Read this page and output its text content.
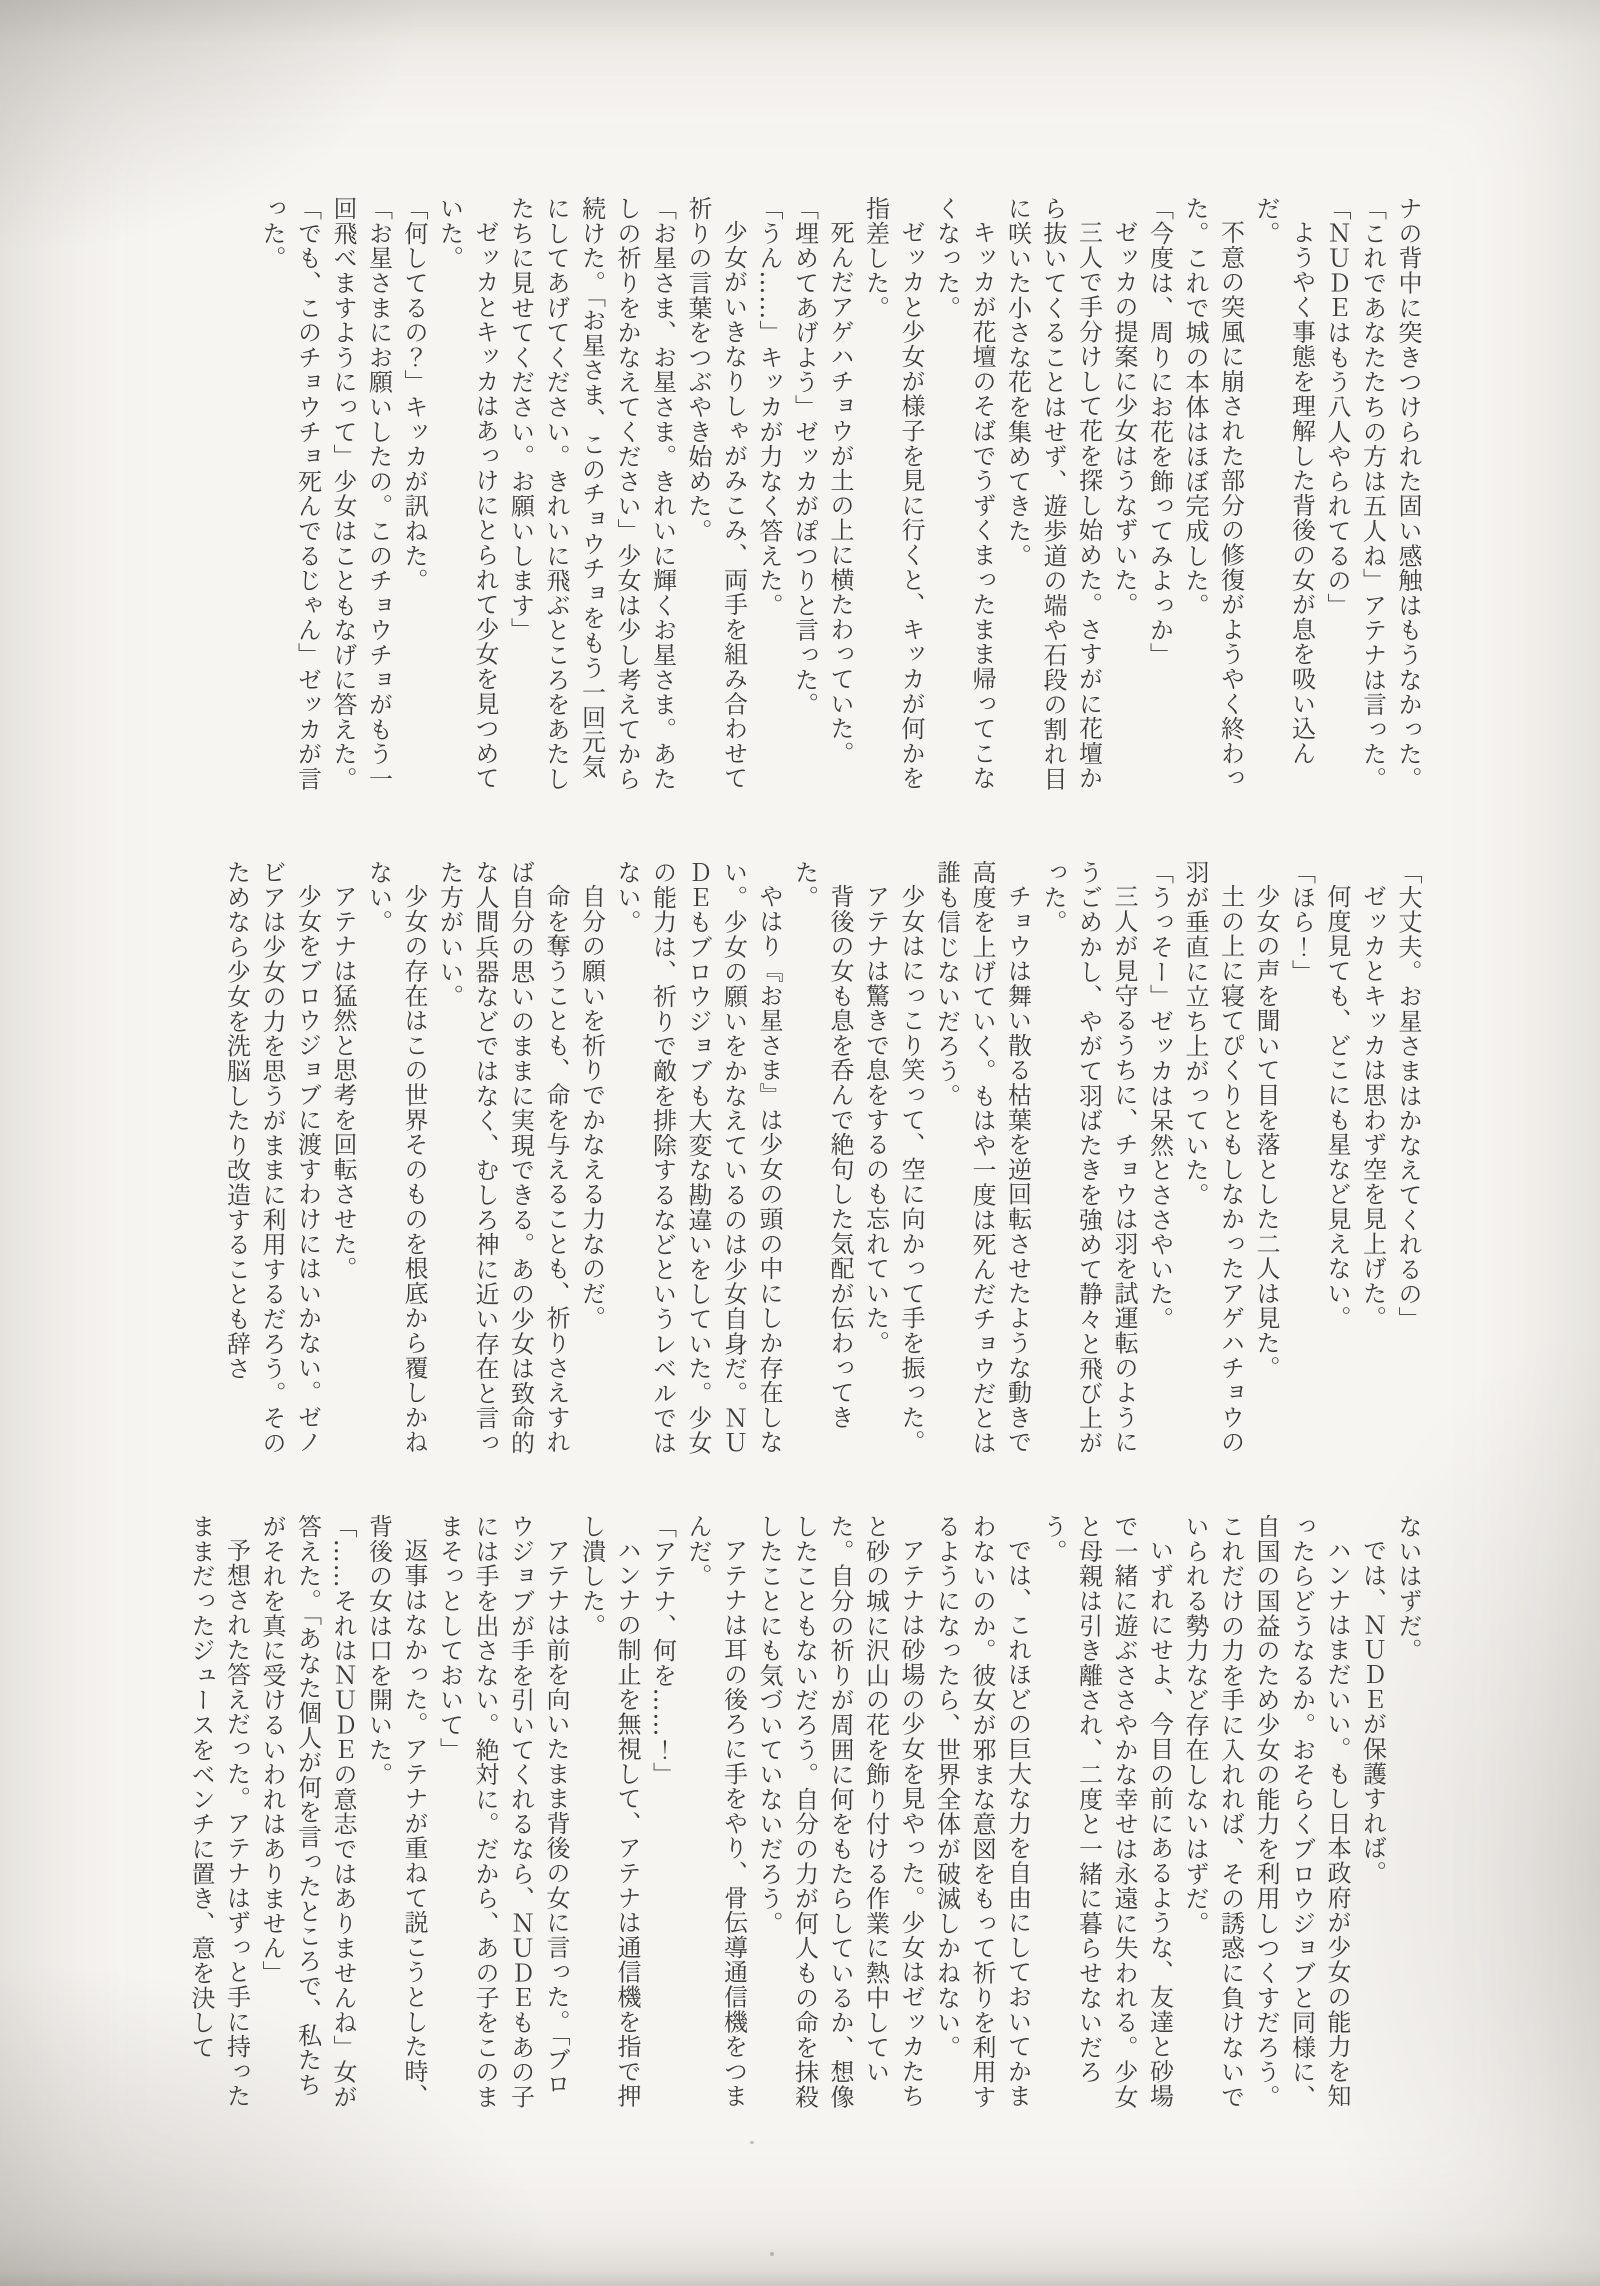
ナの背中に突きつけられた固い感触はもうなかった。

「これであなたたちの方は五人ね」アテナは言った。

「ＮＵＤＥはもう八人やられてるの」

ようやく事態を理解した背後の女が息を吸い込んだ。

不意の突風に崩された部分の修復がようやく終わった。これで城の本体はほぼ完成した。

「今度は、周りにお花を飾ってみよっか」

ゼッカの提案に少女はうなずいた。

三人で手分けして花を探し始めた。さすがに花壇から抜いてくることはせず、遊歩道の端や石段の割れ目に咲いた小さな花を集めてきた。

キッカが花壇のそばでうずくまったまま帰ってこなくなった。

ゼッカと少女が様子を見に行くと、キッカが何かを指差した。

死んだアゲハチョウが土の上に横たわっていた。

「埋めてあげよう」ゼッカがぽつりと言った。

「うん……」キッカが力なく答えた。

少女がいきなりしゃがみこみ、両手を組み合わせて祈りの言葉をつぶやき始めた。

「お星さま、お星さま。きれいに輝くお星さま。あたしの祈りをかなえてください」少女は少し考えてから続けた。「お星さま、このチョウチョをもう一回元気にしてあげてください。きれいに飛ぶところをあたしたちに見せてください。お願いします」

ゼッカとキッカはあっけにとられて少女を見つめていた。

「何してるの？」キッカが訊ねた。

「お星さまにお願いしたの。このチョウチョがもう一回飛べますようにって」少女はこともなげに答えた。

「でも、このチョウチョ死んでるじゃん」ゼッカが言った。

「大丈夫。お星さまはかなえてくれるの」

ゼッカとキッカは思わず空を見上げた。

何度見ても、どこにも星など見えない。

「ほら！」

少女の声を聞いて目を落とした二人は見た。

土の上に寝てぴくりともしなかったアゲハチョウの羽が垂直に立ち上がっていた。

「うっそー」ゼッカは呆然とささやいた。

三人が見守るうちに、チョウは羽を試運転のようにうごめかし、やがて羽ばたきを強めて静々と飛び上がった。

チョウは舞い散る枯葉を逆回転させたような動きで高度を上げていく。もはや一度は死んだチョウだとは誰も信じないだろう。

少女はにっこり笑って、空に向かって手を振った。

アテナは驚きで息をするのも忘れていた。

背後の女も息を呑んで絶句した気配が伝わってきた。

やはり『お星さま』は少女の頭の中にしか存在しない。少女の願いをかなえているのは少女自身だ。ＮＵＤＥもブロウジョブも大変な勘違いをしていた。少女の能力は、祈りで敵を排除するなどというレベルではない。

自分の願いを祈りでかなえる力なのだ。

命を奪うことも、命を与えることも、祈りさえすれば自分の思いのままに実現できる。あの少女は致命的な人間兵器などではなく、むしろ神に近い存在と言った方がいい。

少女の存在はこの世界そのものを根底から覆しかねない。

アテナは猛然と思考を回転させた。

少女をブロウジョブに渡すわけにはいかない。ゼノビアは少女の力を思うがままに利用するだろう。そのためなら少女を洗脳したり改造することも辞さ

ないはずだ。

では、ＮＵＤＥが保護すれば。

ハンナはまだいい。もし日本政府が少女の能力を知ったらどうなるか。おそらくブロウジョブと同様に、自国の国益のため少女の能力を利用しつくすだろう。これだけの力を手に入れれば、その誘惑に負けないでいられる勢力など存在しないはずだ。

いずれにせよ、今目の前にあるような、友達と砂場で一緒に遊ぶささやかな幸せは永遠に失われる。少女と母親は引き離され、二度と一緒に暮らせないだろう。

では、これほどの巨大な力を自由にしておいてかまわないのか。彼女が邪まな意図をもって祈りを利用するようになったら、世界全体が破滅しかねない。

アテナは砂場の少女を見やった。少女はゼッカたちと砂の城に沢山の花を飾り付ける作業に熱中していた。自分の祈りが周囲に何をもたらしているか、想像したこともないだろう。自分の力が何人もの命を抹殺したことにも気づいていないだろう。

アテナは耳の後ろに手をやり、骨伝導通信機をつまんだ。

「アテナ、何を……！」

ハンナの制止を無視して、アテナは通信機を指で押し潰した。

アテナは前を向いたまま背後の女に言った。「ブロウジョブが手を引いてくれるなら、ＮＵＤＥもあの子には手を出さない。絶対に。だから、あの子をこのままそっとしておいて」

返事はなかった。アテナが重ねて説こうとした時、背後の女は口を開いた。

「……それはＮＵＤＥの意志ではありませんね」女が答えた。「あなた個人が何を言ったところで、私たちがそれを真に受けるいわれはありません」

予想された答えだった。アテナはずっと手に持ったままだったジュースをベンチに置き、意を決して
